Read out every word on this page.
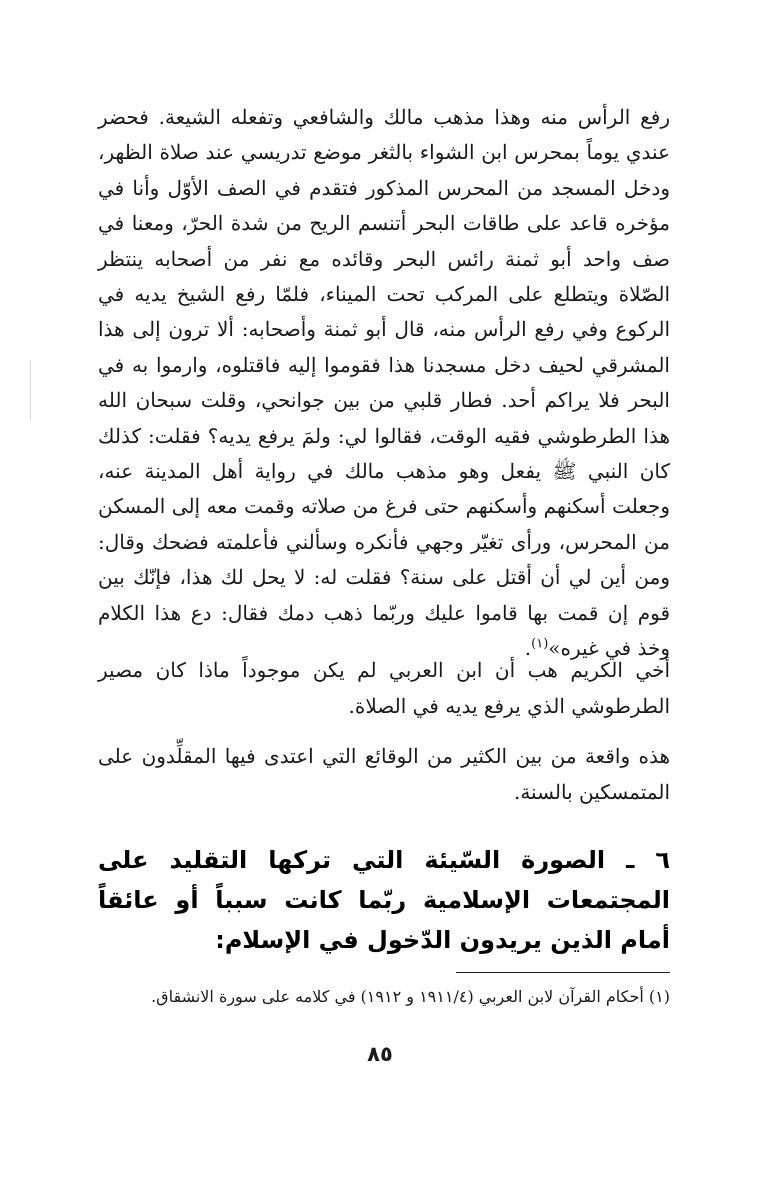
رفع الرأس منه وهذا مذهب مالك والشافعي وتفعله الشيعة. فحضر عندي يوماً بمحرس ابن الشواء بالثغر موضع تدريسي عند صلاة الظهر، ودخل المسجد من المحرس المذكور فتقدم في الصف الأوّل وأنا في مؤخره قاعد على طاقات البحر أتنسم الريح من شدة الحرّ، ومعنا في صف واحد أبو ثمنة رائس البحر وقائده مع نفر من أصحابه ينتظر الصّلاة ويتطلع على المركب تحت الميناء، فلمّا رفع الشيخ يديه في الركوع وفي رفع الرأس منه، قال أبو ثمنة وأصحابه: ألا ترون إلى هذا المشرقي لحيف دخل مسجدنا هذا فقوموا إليه فاقتلوه، وارموا به في البحر فلا يراكم أحد. فطار قلبي من بين جوانحي، وقلت سبحان الله هذا الطرطوشي فقيه الوقت، فقالوا لي: ولمَ يرفع يديه؟ فقلت: كذلك كان النبي ﷺ يفعل وهو مذهب مالك في رواية أهل المدينة عنه، وجعلت أسكنهم وأسكنهم حتى فرغ من صلاته وقمت معه إلى المسكن من المحرس، ورأى تغيّر وجهي فأنكره وسألني فأعلمته فضحك وقال: ومن أين لي أن أقتل على سنة؟ فقلت له: لا يحل لك هذا، فإنّك بين قوم إن قمت بها قاموا عليك وربّما ذهب دمك فقال: دع هذا الكلام وخذ في غيره»$^{(١)}$.

أخي الكريم هب أن ابن العربي لم يكن موجوداً ماذا كان مصير الطرطوشي الذي يرفع يديه في الصلاة.

هذه واقعة من بين الكثير من الوقائع التي اعتدى فيها المقلِّدون على المتمسكين بالسنة.

٦ ـ الصورة السّيئة التي تركها التقليد على المجتمعات الإسلامية ربّما كانت سبباً أو عائقاً أمام الذين يريدون الدّخول في الإسلام:

(١) أحكام القرآن لابن العربي (١٩١١/٤ و ١٩١٢) في كلامه على سورة الانشقاق.

٨٥
